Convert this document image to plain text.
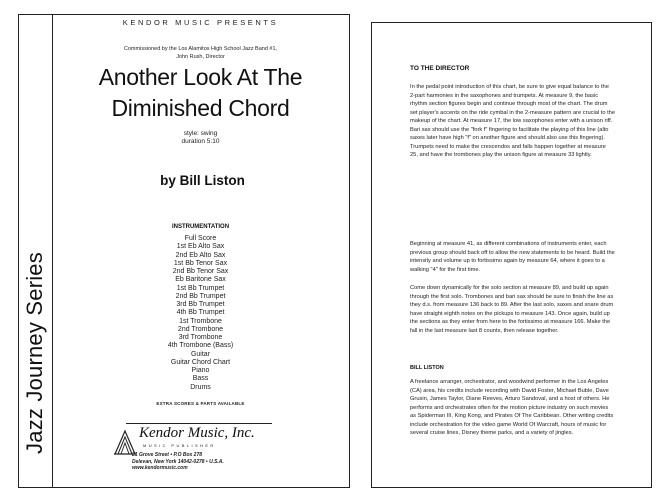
Jazz Journey Series
KENDOR MUSIC PRESENTS
Commissioned by the Los Alamitos High School Jazz Band #1,
John Rush, Director
Another Look At The
Diminished Chord
style: swing
duration 5:10
by Bill Liston
INSTRUMENTATION
Full Score
1st Eb Alto Sax
2nd Eb Alto Sax
1st Bb Tenor Sax
2nd Bb Tenor Sax
Eb Baritone Sax
1st Bb Trumpet
2nd Bb Trumpet
3rd Bb Trumpet
4th Bb Trumpet
1st Trombone
2nd Trombone
3rd Trombone
4th Trombone (Bass)
Guitar
Guitar Chord Chart
Piano
Bass
Drums
EXTRA SCORES & PARTS AVAILABLE
Kendor Music, Inc.
MUSIC PUBLISHER
21 Grove Street • P.O Box 278
Delevan, New York 14042-0278 • U.S.A.
www.kendormusic.com
TO THE DIRECTOR

In the pedal point introduction of this chart, be sure to give equal balance to the 2-part harmonies in the saxophones and trumpets. At measure 9, the basic rhythm section figures begin and continue through most of the chart. The drum set player's accents on the ride cymbal in the 2-measure pattern are crucial to the makeup of the chart. At measure 17, the low saxophones enter with a unison riff. Bari sax should use the "fork f" fingering to facilitate the playing of this line (alto saxes later have high "f" on another figure and should also use this fingering). Trumpets need to make the crescendos and falls happen together at measure 25, and have the trombones play the unison figure at measure 33 lightly.

Beginning at measure 41, as different combinations of instruments enter, each previous group should back off to allow the new statements to be heard. Build the intensity and volume up to fortissimo again by measure 64, where it goes to a walking "4" for the first time.

Come down dynamically for the solo section at measure 89, and build up again through the first solo. Trombones and bari sax should be sure to finish the line as they d.s. from measure 136 back to 89. After the last solo, saxes and snare drum have straight eighth notes on the pickups to measure 143. Once again, build up the sections as they enter from here to the fortissimo at measure 166. Make the fall in the last measure last 8 counts, then release together.

BILL LISTON

A freelance arranger, orchestrator, and woodwind performer in the Los Angeles (CA) area, his credits include recording with David Foster, Michael Buble, Dave Grusin, James Taylor, Diane Reeves, Arturo Sandoval, and a host of others. He performs and orchestrates often for the motion picture industry on such movies as Spiderman III, King Kong, and Pirates Of The Caribbean. Other writing credits include orchestration for the video game World Of Warcraft, hours of music for several cruise lines, Disney theme parks, and a variety of jingles.
